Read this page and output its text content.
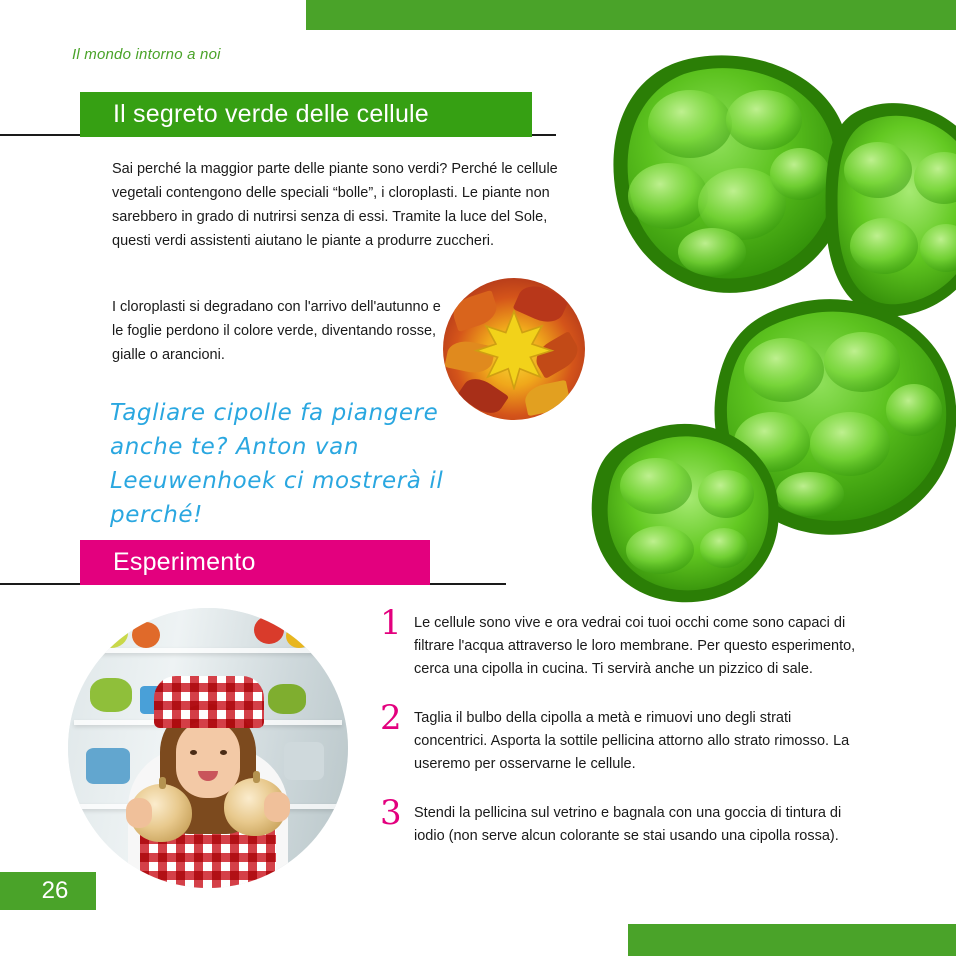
Il mondo intorno a noi
Il segreto verde delle cellule
Sai perché la maggior parte delle piante sono verdi? Perché le cellule vegetali contengono delle speciali “bolle”, i cloroplasti. Le piante non sarebbero in grado di nutrirsi senza di essi. Tramite la luce del Sole, questi verdi assistenti aiutano le piante a produrre zuccheri.
I cloroplasti si degradano con l'arrivo dell'autunno e le foglie perdono il colore verde, diventando rosse, gialle o arancioni.
Tagliare cipolle fa piangere anche te? Anton van Leeuwenhoek ci mostrerà il perché!
Esperimento
1 Le cellule sono vive e ora vedrai coi tuoi occhi come sono capaci di filtrare l'acqua attraverso le loro membrane. Per questo esperimento, cerca una cipolla in cucina. Ti servirà anche un pizzico di sale.
2 Taglia il bulbo della cipolla a metà e rimuovi uno degli strati concentrici. Asporta la sottile pellicina attorno allo strato rimosso. La useremo per osservarne le cellule.
3 Stendi la pellicina sul vetrino e bagnala con una goccia di tintura di iodio (non serve alcun colorante se stai usando una cipolla rossa).
26
